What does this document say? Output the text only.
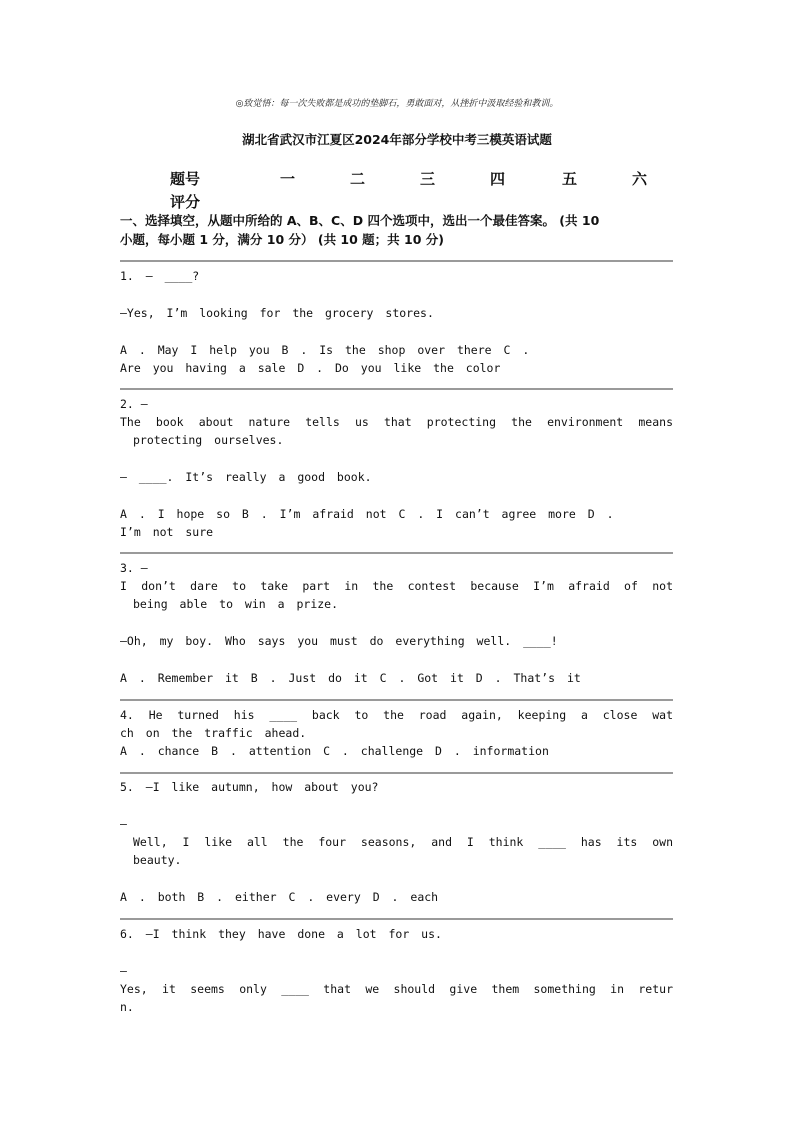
◎致觉悟：每一次失败都是成功的垫脚石，勇敢面对，从挫折中汲取经验和教训。
湖北省武汉市江夏区2024年部分学校中考三模英语试题
题号	一	二	三	四	五	六
评分
一、选择填空，从题中所给的 A、B、C、D 四个选项中，选出一个最佳答案。 (共 10
小题，每小题 1 分，满分 10 分） (共 10 题；共 10 分)

1. — ____?

—Yes, I’m looking for the grocery stores.

A . May I help you B . Is the shop over there C .

Are you having a sale D . Do you like the color

2. —

The book about nature tells us that protecting the environment means

protecting ourselves.

— ____. It’s really a good book.

A . I hope so B . I’m afraid not C . I can’t agree more D .

I’m not sure

3. —

I don’t dare to take part in the contest because I’m afraid of not

being able to win a prize.

—Oh, my boy. Who says you must do everything well. ____!

A . Remember it B . Just do it C . Got it D . That’s it

4. He turned his ____ back to the road again, keeping a close wat

ch on the traffic ahead.

A . chance B . attention C . challenge D . information

5. —I like autumn, how about you?

—

Well, I like all the four seasons, and I think ____ has its own

beauty.

A . both B . either C . every D . each

6. —I think they have done a lot for us.

—

Yes, it seems only ____ that we should give them something in retur

n.
